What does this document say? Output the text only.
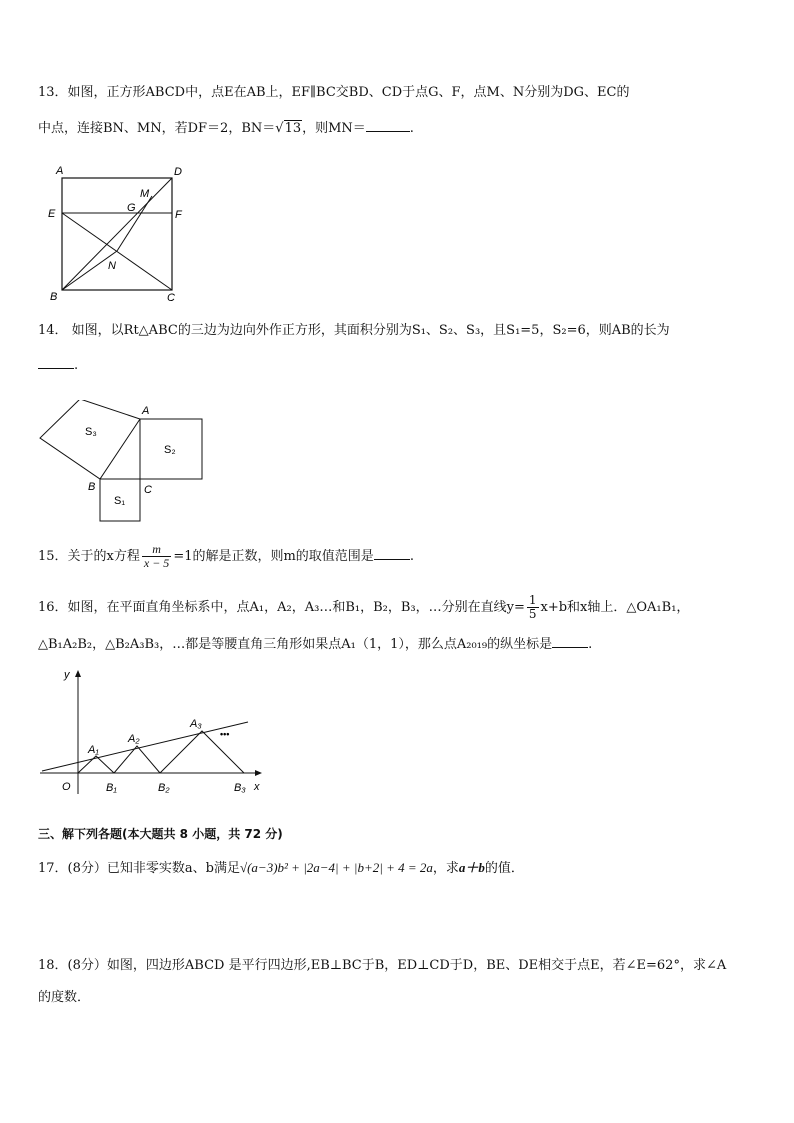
13．如图，正方形ABCD中，点E在AB上，EF∥BC交BD、CD于点G、F，点M、N分别为DG、EC的
中点，连接BN、MN，若DF＝2，BN＝√13，则MN＝	.
A	D
E	F
M
G
N
B	C
14． 如图，以Rt△ABC的三边为边向外作正方形，其面积分别为S₁、S₂、S₃，且S₁=5，S₂=6，则AB的长为
.
S₃
S₂
S₁
A
B	C
15．关于的x方程 $\frac{m}{x - 5} =1$的解是正数，则m的取值范围是	.
16．如图，在平面直角坐标系中，点A₁，A₂，A₃…和B₁，B₂，B₃，…分别在直线$y= \frac{1}{5} x+b$和x轴上．△OA₁B₁，
△B₁A₂B₂，△B₂A₃B₃，…都是等腰直角三角形如果点A₁（1，1），那么点A₂₀₁₉的纵坐标是	.
y
x
O
A₁
A₂
A₃
•••
B₁	B₂	B₃
三、解下列各题(本大题共 8 小题，共 72 分)
17．(8分）已知非零实数a、b满足√(a−3)b² + |2a−4| + |b+2| + 4 = 2a，求a＋b的值．
18．(8分）如图，四边形ABCD 是平行四边形,EB⊥BC于B，ED⊥CD于D，BE、DE相交于点E，若∠E=62°，求∠A
的度数．
